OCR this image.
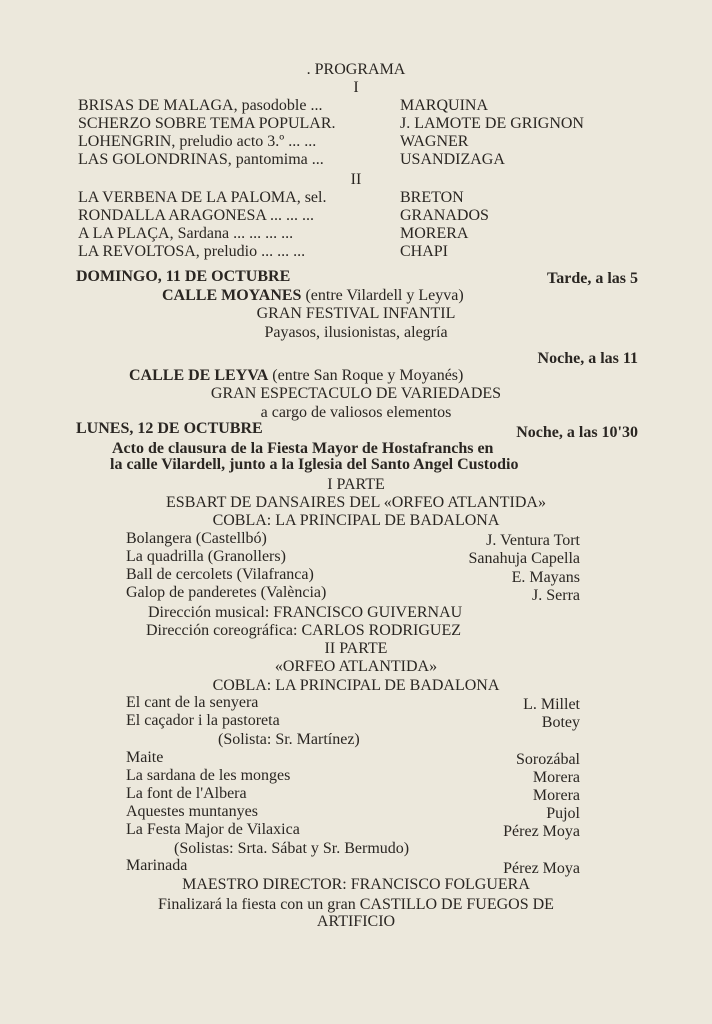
. PROGRAMA
I
BRISAS DE MALAGA, pasodoble ...	MARQUINA
SCHERZO SOBRE TEMA POPULAR.	J. LAMOTE DE GRIGNON
LOHENGRIN, preludio acto 3.º ... ...	WAGNER
LAS GOLONDRINAS, pantomima ...	USANDIZAGA
II
LA VERBENA DE LA PALOMA, sel.	BRETON
RONDALLA ARAGONESA ... ... ...	GRANADOS
A LA PLAÇA, Sardana ... ... ... ...	MORERA
LA REVOLTOSA, preludio ... ... ...	CHAPI
DOMINGO, 11 DE OCTUBRE	Tarde, a las 5
CALLE MOYANES (entre Vilardell y Leyva)
GRAN FESTIVAL INFANTIL
Payasos, ilusionistas, alegría
Noche, a las 11
CALLE DE LEYVA (entre San Roque y Moyanés)
GRAN ESPECTACULO DE VARIEDADES
a cargo de valiosos elementos
LUNES, 12 DE OCTUBRE	Noche, a las 10'30
Acto de clausura de la Fiesta Mayor de Hostafranchs en
la calle Vilardell, junto a la Iglesia del Santo Angel Custodio
I PARTE
ESBART DE DANSAIRES DEL «ORFEO ATLANTIDA»
COBLA: LA PRINCIPAL DE BADALONA
Bolangera (Castellbó)	J. Ventura Tort
La quadrilla (Granollers)	Sanahuja Capella
Ball de cercolets (Vilafranca)	E. Mayans
Galop de panderetes (València)	J. Serra
Dirección musical: FRANCISCO GUIVERNAU
Dirección coreográfica: CARLOS RODRIGUEZ
II PARTE
«ORFEO ATLANTIDA»
COBLA: LA PRINCIPAL DE BADALONA
El cant de la senyera	L. Millet
El caçador i la pastoreta	Botey
(Solista: Sr. Martínez)
Maite	Sorozábal
La sardana de les monges	Morera
La font de l'Albera	Morera
Aquestes muntanyes	Pujol
La Festa Major de Vilaxica	Pérez Moya
(Solistas: Srta. Sábat y Sr. Bermudo)
Marinada	Pérez Moya
MAESTRO DIRECTOR: FRANCISCO FOLGUERA
Finalizará la fiesta con un gran CASTILLO DE FUEGOS DE
ARTIFICIO
